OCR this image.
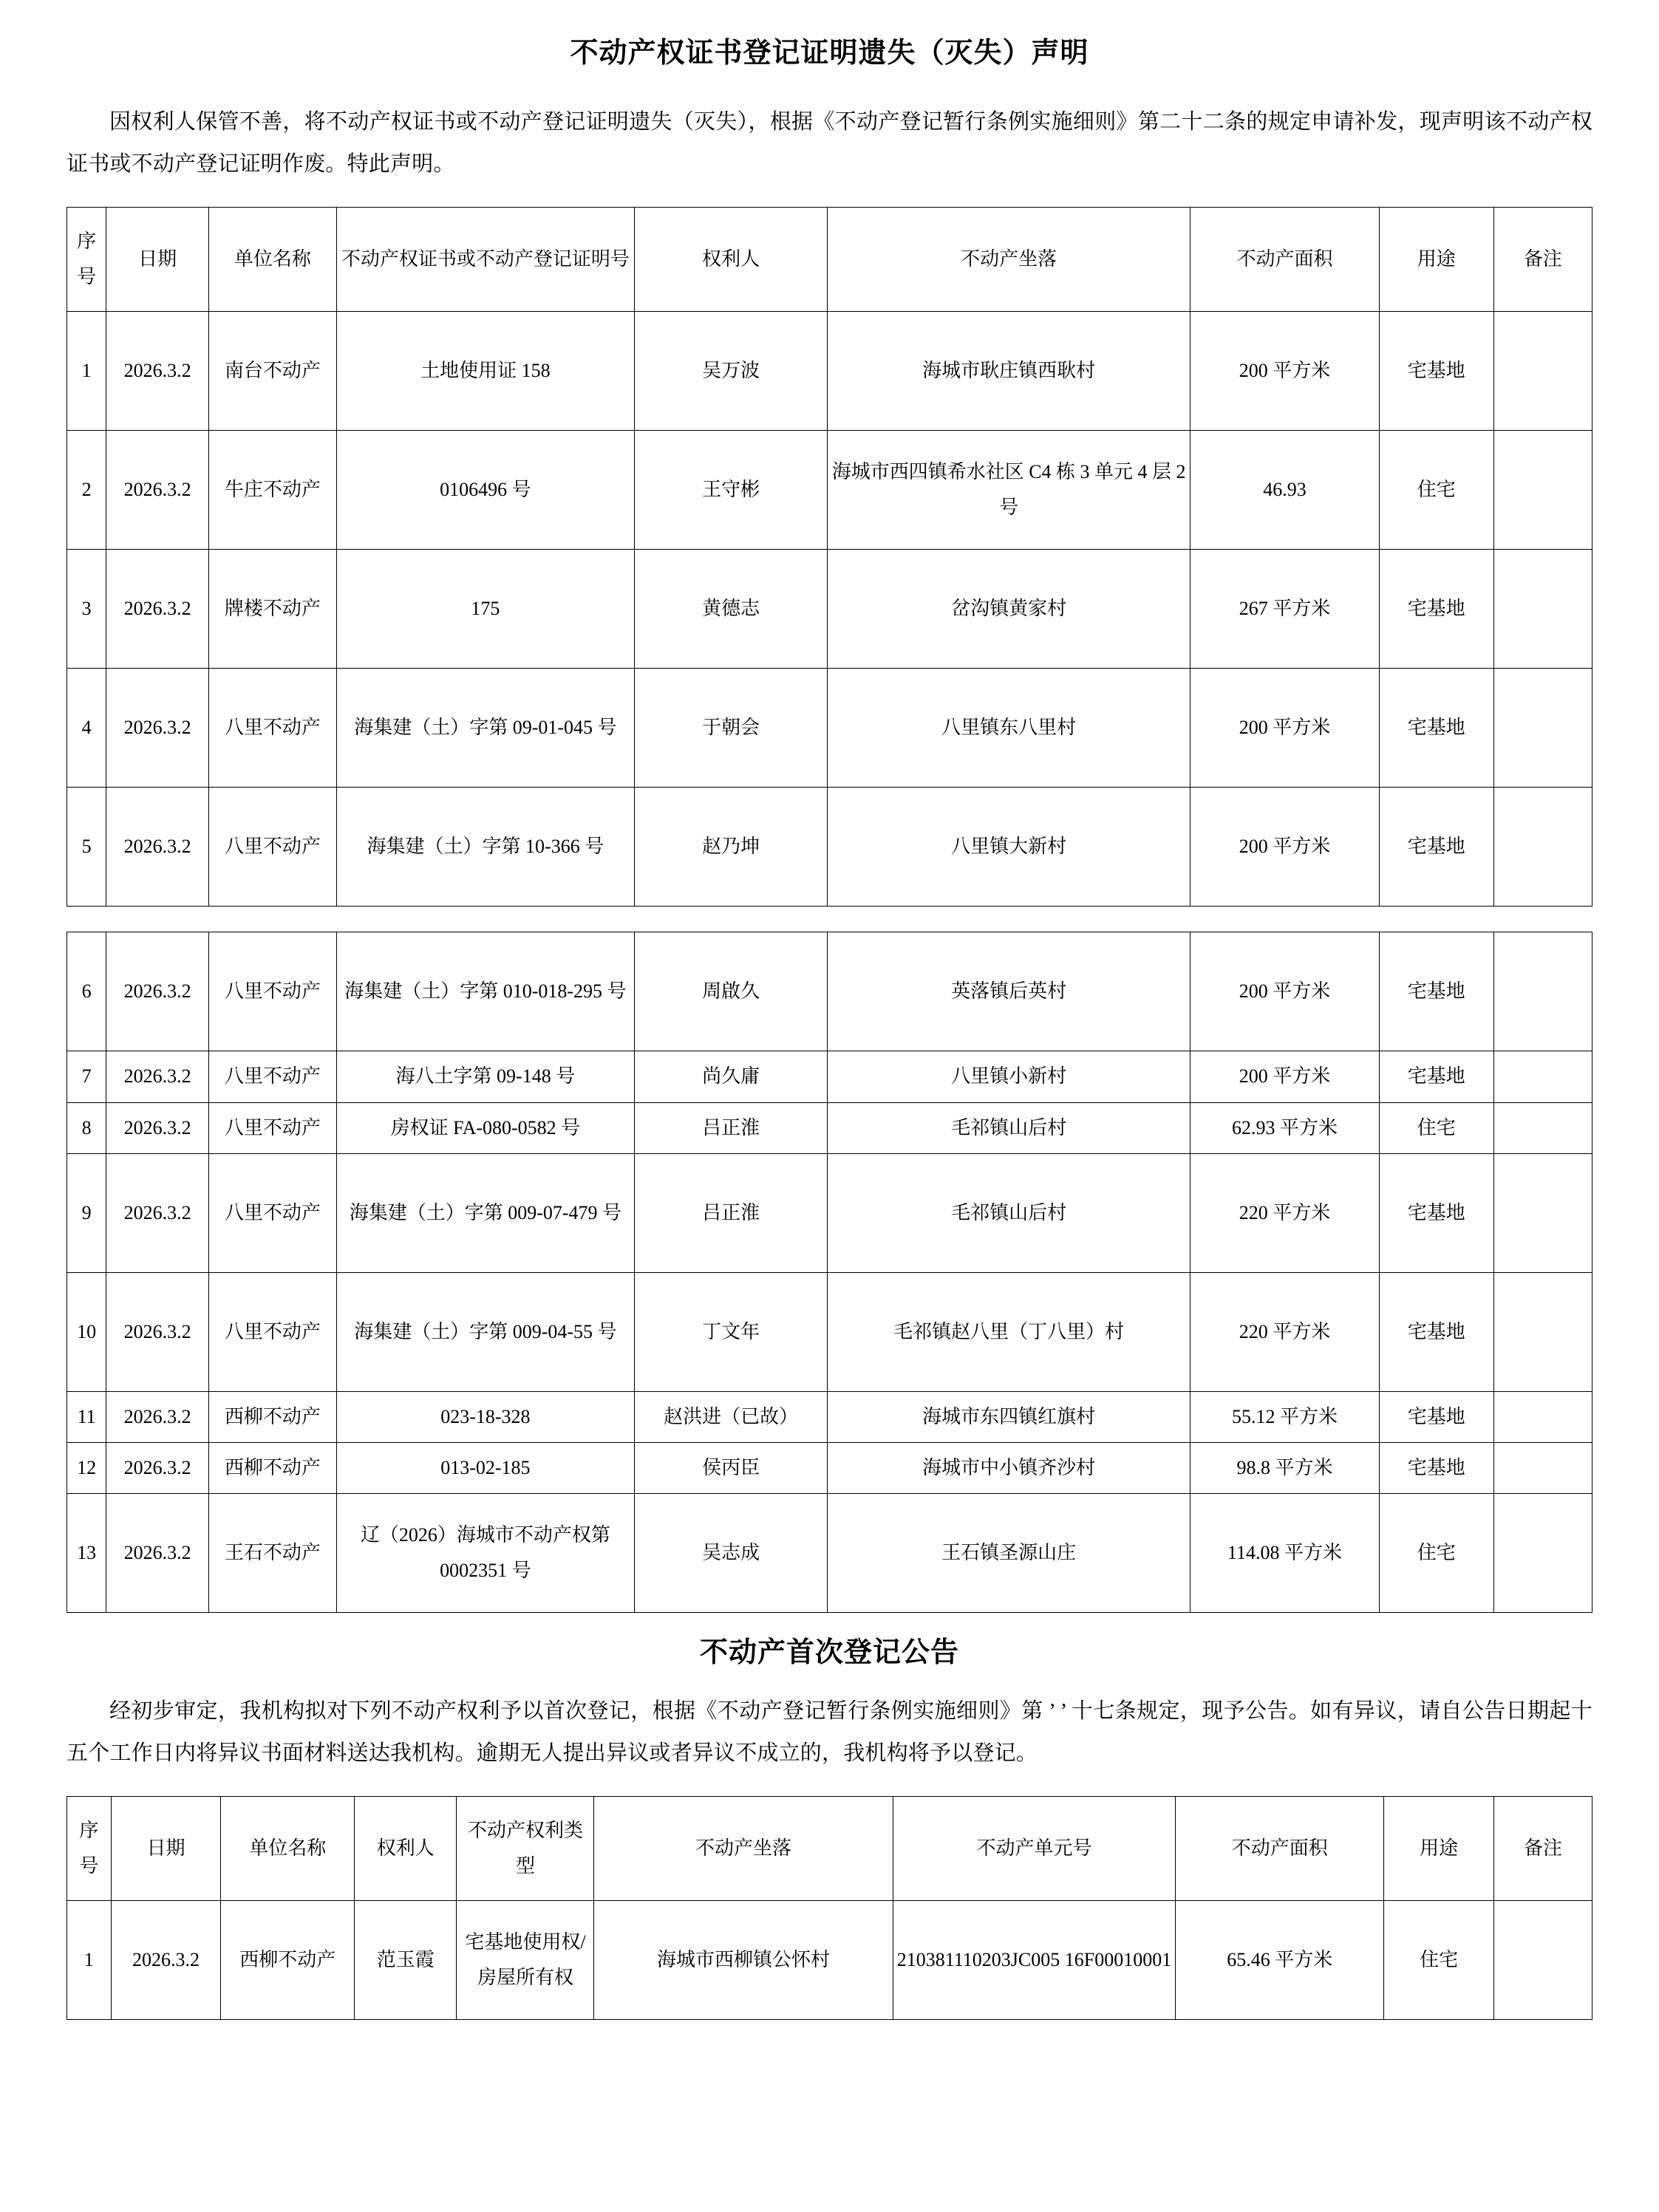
不动产权证书登记证明遗失（灭失）声明

因权利人保管不善，将不动产权证书或不动产登记证明遗失（灭失），根据《不动产登记暂行条例实施细则》第二十二条的规定申请补发，现声明该不动产权证书或不动产登记证明作废。特此声明。

序号	日期	单位名称	不动产权证书或不动产登记证明号	权利人	不动产坐落	不动产面积	用途	备注
1	2026.3.2	南台不动产	土地使用证 158	吴万波	海城市耿庄镇西耿村	200 平方米	宅基地	
2	2026.3.2	牛庄不动产	0106496 号	王守彬	海城市西四镇希水社区 C4 栋 3 单元 4 层 2 号	46.93	住宅	
3	2026.3.2	牌楼不动产	175	黄德志	岔沟镇黄家村	267 平方米	宅基地	
4	2026.3.2	八里不动产	海集建（土）字第 09-01-045 号	于朝会	八里镇东八里村	200 平方米	宅基地	
5	2026.3.2	八里不动产	海集建（土）字第 10-366 号	赵乃坤	八里镇大新村	200 平方米	宅基地	
6	2026.3.2	八里不动产	海集建（土）字第 010-018-295 号	周啟久	英落镇后英村	200 平方米	宅基地	
7	2026.3.2	八里不动产	海八土字第 09-148 号	尚久庸	八里镇小新村	200 平方米	宅基地	
8	2026.3.2	八里不动产	房权证 FA-080-0582 号	吕正淮	毛祁镇山后村	62.93 平方米	住宅	
9	2026.3.2	八里不动产	海集建（土）字第 009-07-479 号	吕正淮	毛祁镇山后村	220 平方米	宅基地	
10	2026.3.2	八里不动产	海集建（土）字第 009-04-55 号	丁文年	毛祁镇赵八里（丁八里）村	220 平方米	宅基地	
11	2026.3.2	西柳不动产	023-18-328	赵洪进（已故）	海城市东四镇红旗村	55.12 平方米	宅基地	
12	2026.3.2	西柳不动产	013-02-185	侯丙臣	海城市中小镇齐沙村	98.8 平方米	宅基地	
13	2026.3.2	王石不动产	辽（2026）海城市不动产权第 0002351 号	吴志成	王石镇圣源山庄	114.08 平方米	住宅	
不动产首次登记公告

经初步审定，我机构拟对下列不动产权利予以首次登记，根据《不动产登记暂行条例实施细则》第 ’ ’ 十七条规定，现予公告。如有异议，请自公告日期起十五个工作日内将异议书面材料送达我机构。逾期无人提出异议或者异议不成立的，我机构将予以登记。

序号	日期	单位名称	权利人	不动产权利类型	不动产坐落	不动产单元号	不动产面积	用途	备注
1	2026.3.2	西柳不动产	范玉霞	宅基地使用权/房屋所有权	海城市西柳镇公怀村	210381110203JC005 16F00010001	65.46 平方米	住宅	
